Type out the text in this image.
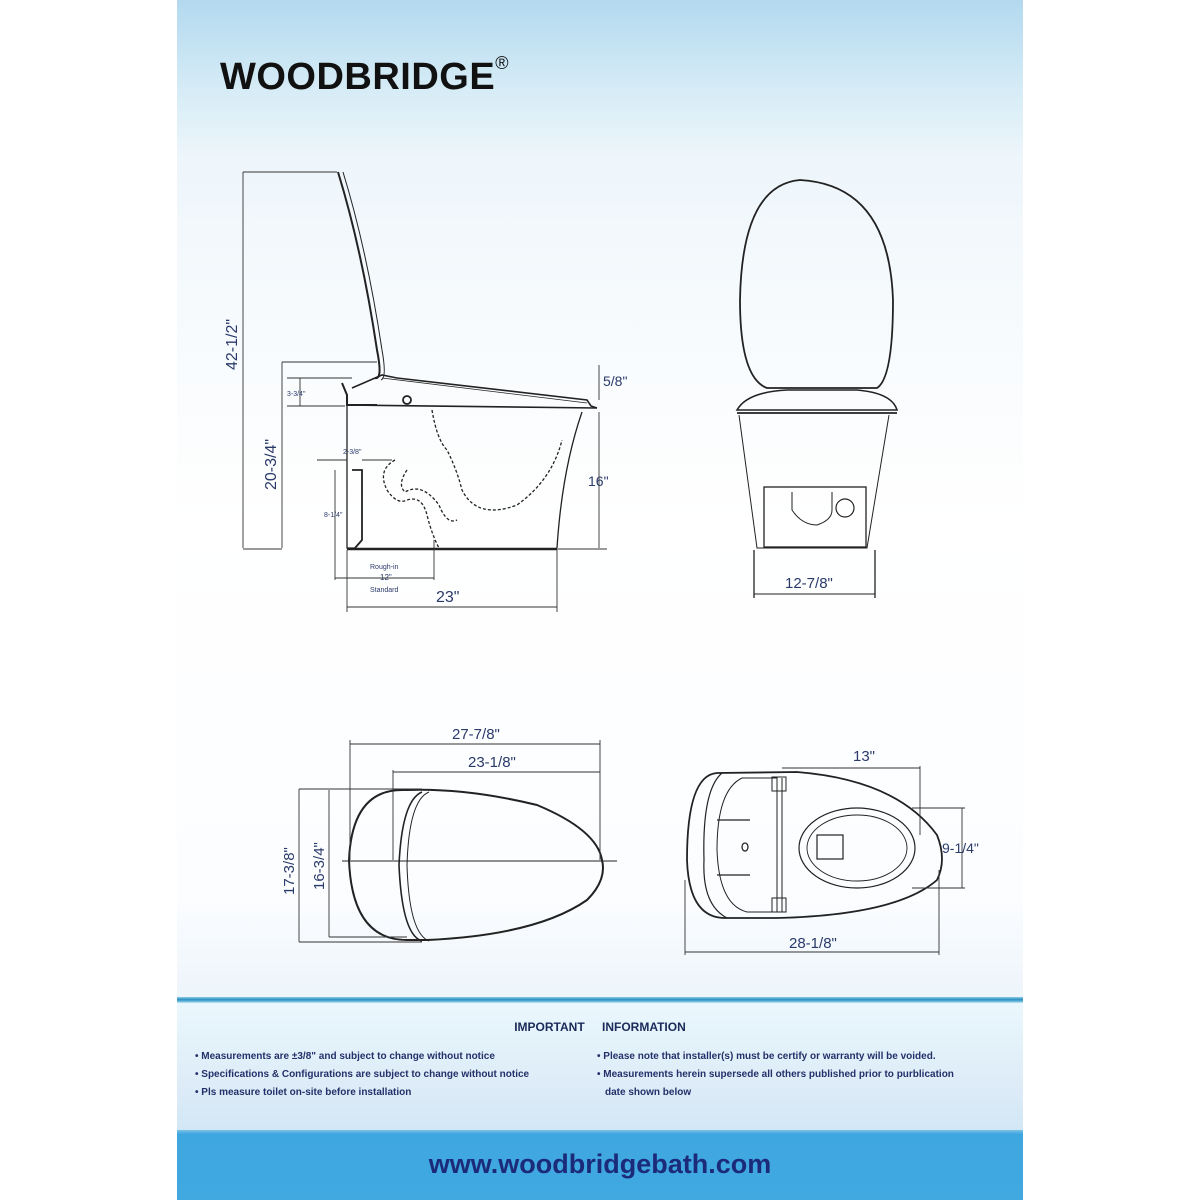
WOODBRIDGE®
42-1/2"
20-3/4"
3-3/4"
2-3/8"
8-1/4"
5/8"
16"
Rough-in
12"
Standard 23"
12-7/8"
27-7/8"
23-1/8"
17-3/8" 16-3/4"
13"
9-1/4"
28-1/8"
IMPORTANT INFORMATION
• Measurements are ±3/8" and subject to change without notice
• Specifications & Configurations are subject to change without notice
• Pls measure toilet on-site before installation
• Please note that installer(s) must be certify or warranty will be voided.
• Measurements herein supersede all others published prior to purblication
date shown below
www.woodbridgebath.com
